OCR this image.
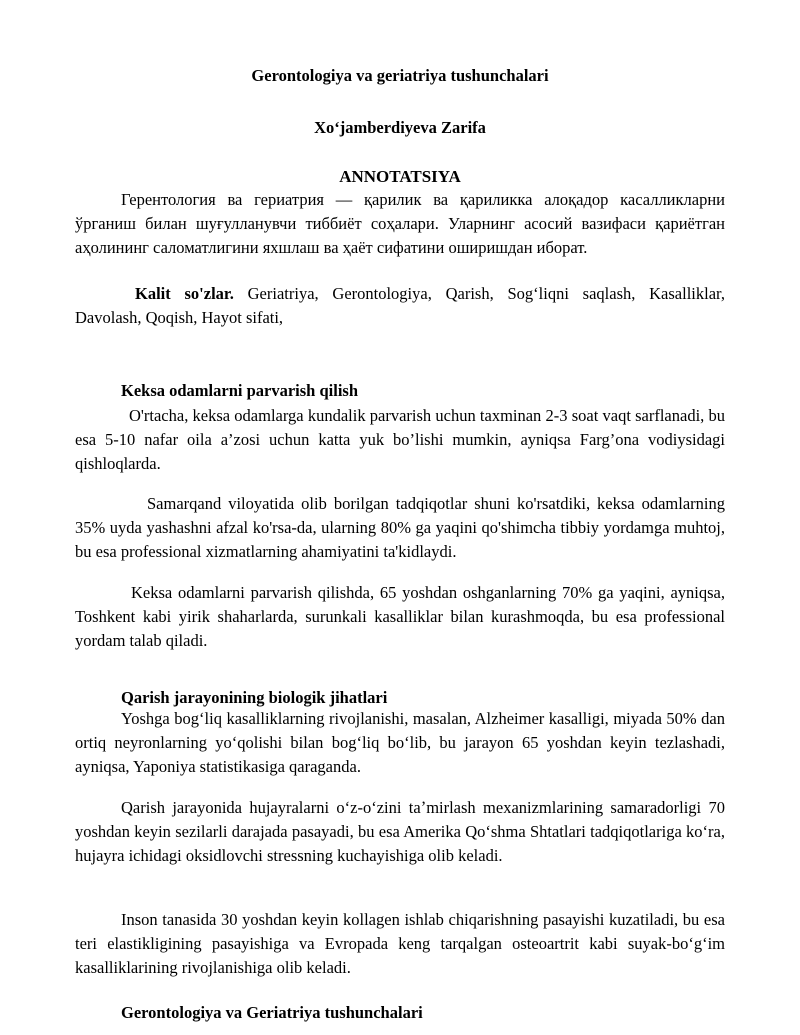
Gerontologiya va geriatriya tushunchalari
Xoʻjamberdiyeva Zarifa
ANNOTATSIYA

Герентология ва гериатрия — қарилик ва қариликка алоқадор касалликларни ўрганиш билан шуғулланувчи тиббиёт соҳалари. Уларнинг асосий вазифаси қариётган аҳолининг саломатлигини яхшлаш ва ҳаёт сифатини оширишдан иборат.

Kalit so'zlar. Geriatriya, Gerontologiya, Qarish, Sogʻliqni saqlash, Kasalliklar, Davolash, Qoqish, Hayot sifati,

Keksa odamlarni parvarish qilish

O'rtacha, keksa odamlarga kundalik parvarish uchun taxminan 2-3 soat vaqt sarflanadi, bu esa 5-10 nafar oila a’zosi uchun katta yuk bo’lishi mumkin, ayniqsa Farg’ona vodiysidagi qishloqlarda.

Samarqand viloyatida olib borilgan tadqiqotlar shuni ko'rsatdiki, keksa odamlarning 35% uyda yashashni afzal ko'rsa-da, ularning 80% ga yaqini qo'shimcha tibbiy yordamga muhtoj, bu esa professional xizmatlarning ahamiyatini ta'kidlaydi.

Keksa odamlarni parvarish qilishda, 65 yoshdan oshganlarning 70% ga yaqini, ayniqsa, Toshkent kabi yirik shaharlarda, surunkali kasalliklar bilan kurashmoqda, bu esa professional yordam talab qiladi.

Qarish jarayonining biologik jihatlari

Yoshga bogʻliq kasalliklarning rivojlanishi, masalan, Alzheimer kasalligi, miyada 50% dan ortiq neyronlarning yoʻqolishi bilan bogʻliq boʻlib, bu jarayon 65 yoshdan keyin tezlashadi, ayniqsa, Yaponiya statistikasiga qaraganda.

Qarish jarayonida hujayralarni oʻz-oʻzini taʼmirlash mexanizmlarining samaradorligi 70 yoshdan keyin sezilarli darajada pasayadi, bu esa Amerika Qoʻshma Shtatlari tadqiqotlariga koʻra, hujayra ichidagi oksidlovchi stressning kuchayishiga olib keladi.

Inson tanasida 30 yoshdan keyin kollagen ishlab chiqarishning pasayishi kuzatiladi, bu esa teri elastikligining pasayishiga va Evropada keng tarqalgan osteoartrit kabi suyak-boʻgʻim kasalliklarining rivojlanishiga olib keladi.

Gerontologiya va Geriatriya tushunchalari
